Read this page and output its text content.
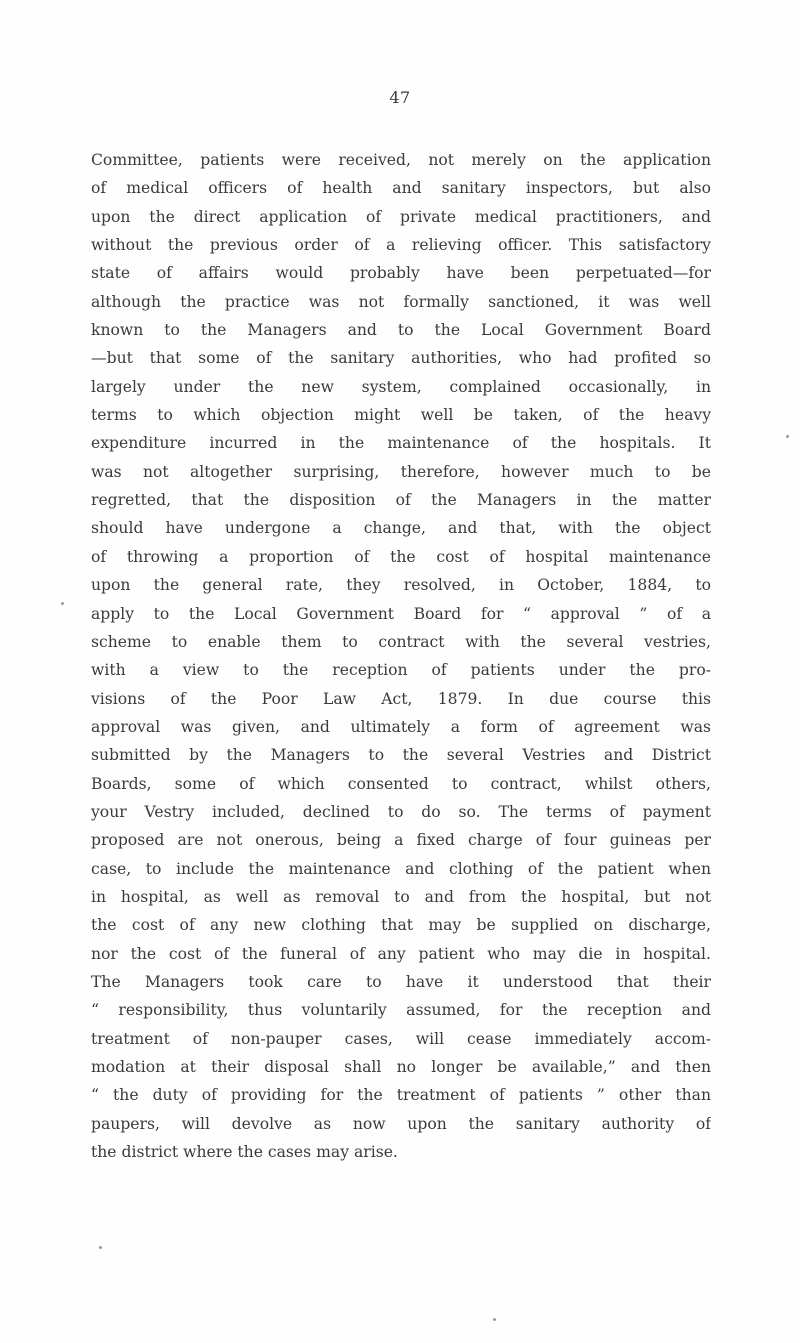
47
Committee, patients were received, not merely on the application
of medical officers of health and sanitary inspectors, but also
upon the direct application of private medical practitioners, and
without the previous order of a relieving officer. This satisfactory
state of affairs would probably have been perpetuated—for
although the practice was not formally sanctioned, it was well
known to the Managers and to the Local Government Board
—but that some of the sanitary authorities, who had profited so
largely under the new system, complained occasionally, in
terms to which objection might well be taken, of the heavy
expenditure incurred in the maintenance of the hospitals. It
was not altogether surprising, therefore, however much to be
regretted, that the disposition of the Managers in the matter
should have undergone a change, and that, with the object
of throwing a proportion of the cost of hospital maintenance
upon the general rate, they resolved, in October, 1884, to
apply to the Local Government Board for “ approval ” of a
scheme to enable them to contract with the several vestries,
with a view to the reception of patients under the pro-
visions of the Poor Law Act, 1879. In due course this
approval was given, and ultimately a form of agreement was
submitted by the Managers to the several Vestries and District
Boards, some of which consented to contract, whilst others,
your Vestry included, declined to do so. The terms of payment
proposed are not onerous, being a fixed charge of four guineas per
case, to include the maintenance and clothing of the patient when
in hospital, as well as removal to and from the hospital, but not
the cost of any new clothing that may be supplied on discharge,
nor the cost of the funeral of any patient who may die in hospital.
The Managers took care to have it understood that their
“ responsibility, thus voluntarily assumed, for the reception and
treatment of non-pauper cases, will cease immediately accom-
modation at their disposal shall no longer be available,” and then
“ the duty of providing for the treatment of patients ” other than
paupers, will devolve as now upon the sanitary authority of
the district where the cases may arise.
